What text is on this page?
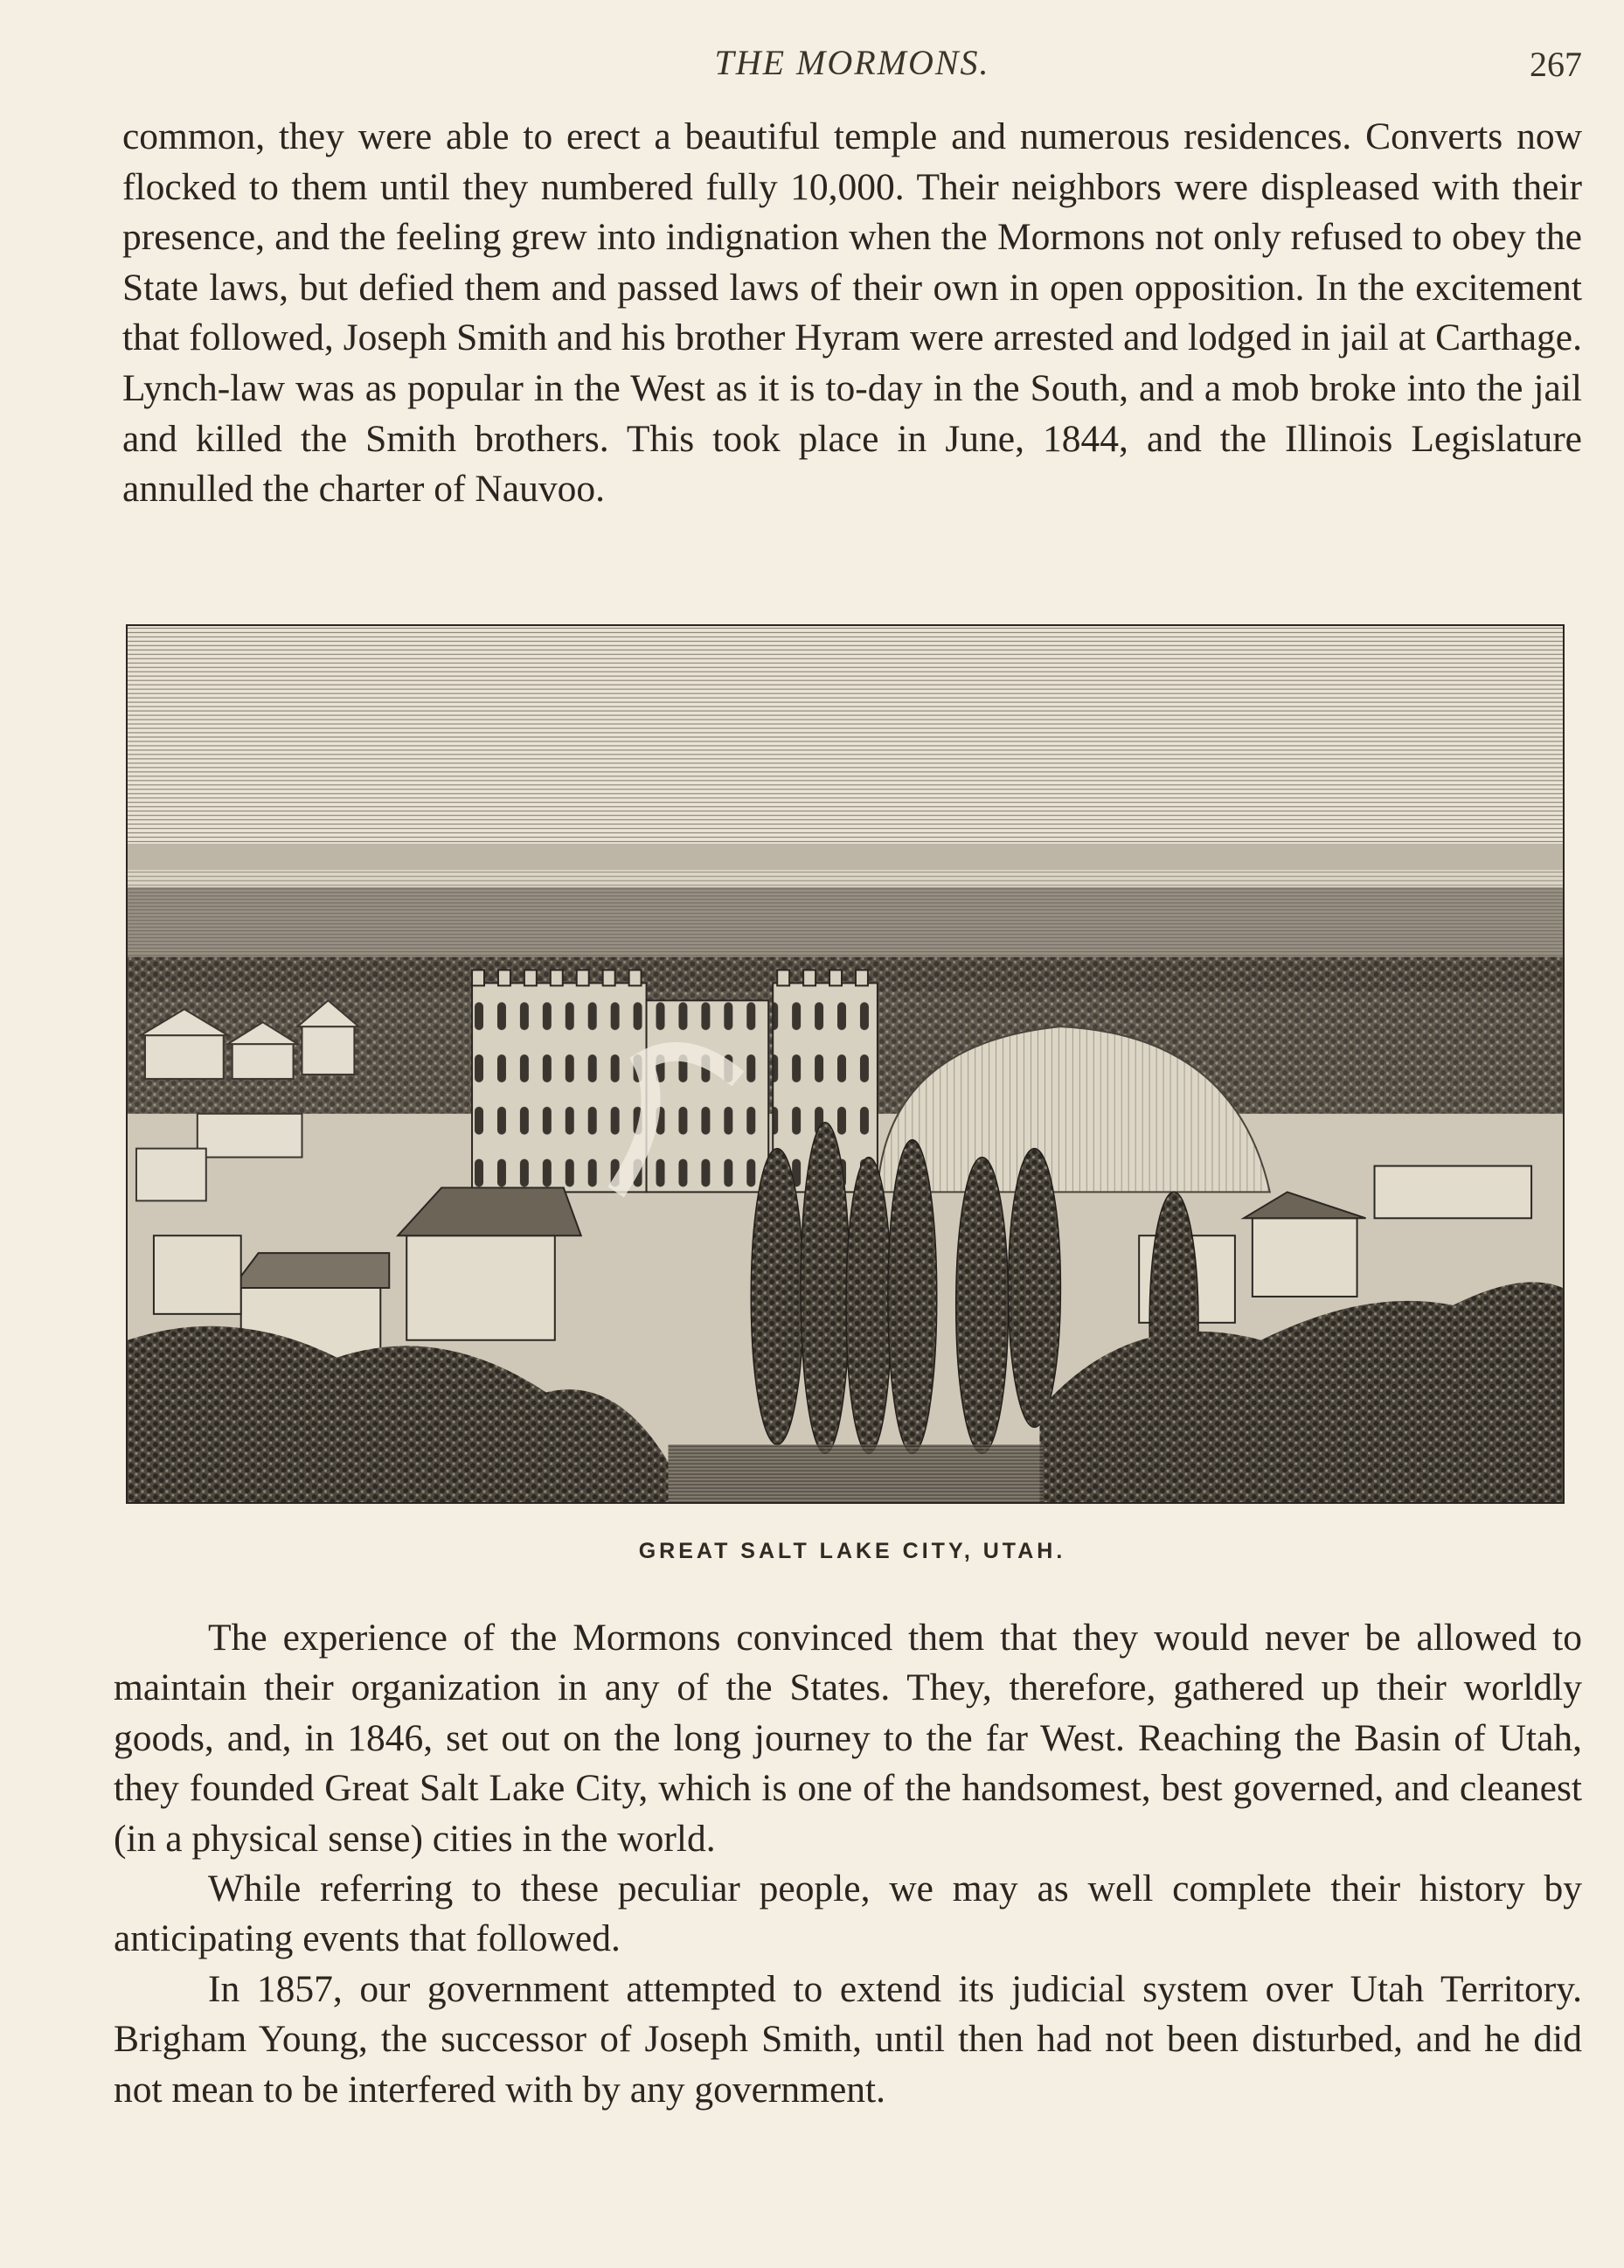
THE MORMONS.	267

common, they were able to erect a beautiful temple and numerous residences. Converts now flocked to them until they numbered fully 10,000. Their neighbors were displeased with their presence, and the feeling grew into indignation when the Mormons not only refused to obey the State laws, but defied them and passed laws of their own in open opposition. In the excitement that followed, Joseph Smith and his brother Hyram were arrested and lodged in jail at Carthage. Lynch-law was as popular in the West as it is to-day in the South, and a mob broke into the jail and killed the Smith brothers. This took place in June, 1844, and the Illinois Legislature annulled the charter of Nauvoo.

GREAT SALT LAKE CITY, UTAH.

The experience of the Mormons convinced them that they would never be allowed to maintain their organization in any of the States. They, therefore, gathered up their worldly goods, and, in 1846, set out on the long journey to the far West. Reaching the Basin of Utah, they founded Great Salt Lake City, which is one of the handsomest, best governed, and cleanest (in a physical sense) cities in the world.

While referring to these peculiar people, we may as well complete their history by anticipating events that followed.

In 1857, our government attempted to extend its judicial system over Utah Territory. Brigham Young, the successor of Joseph Smith, until then had not been disturbed, and he did not mean to be interfered with by any government.
